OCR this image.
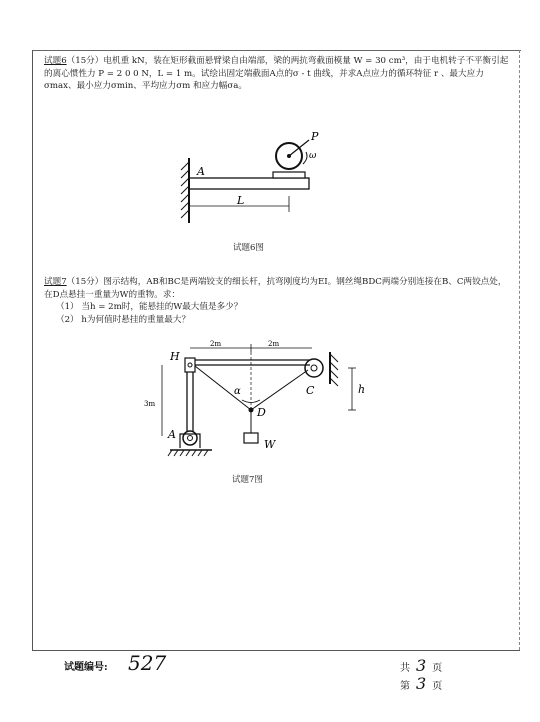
试题6（15分）电机重 kN，装在矩形截面悬臂梁自由端部，梁的两抗弯截面模量 W = 30 cm³，由于电机转子不平衡引起的离心惯性力 P = 2 0 0 N，L = 1 m。试绘出固定端截面A点的σ - t 曲线，并求A点应力的循环特征 r 、最大应力σmax、最小应力σmin、平均应力σm 和应力幅σa。
A
P
ω
L
试题6图
试题7（15分）图示结构，AB和BC是两端铰支的细长杆，抗弯刚度均为EI。钢丝绳BDC两端分别连接在B、C两铰点处，在D点悬挂一重量为W的重物。求：
（1） 当h = 2m时，能悬挂的W最大值是多少？
（2） h为何值时悬挂的重量最大？
2m	2m
H
C	h
3m
A
α
D
W
试题7图
试题编号: 527	共 3 页
第 3 页
